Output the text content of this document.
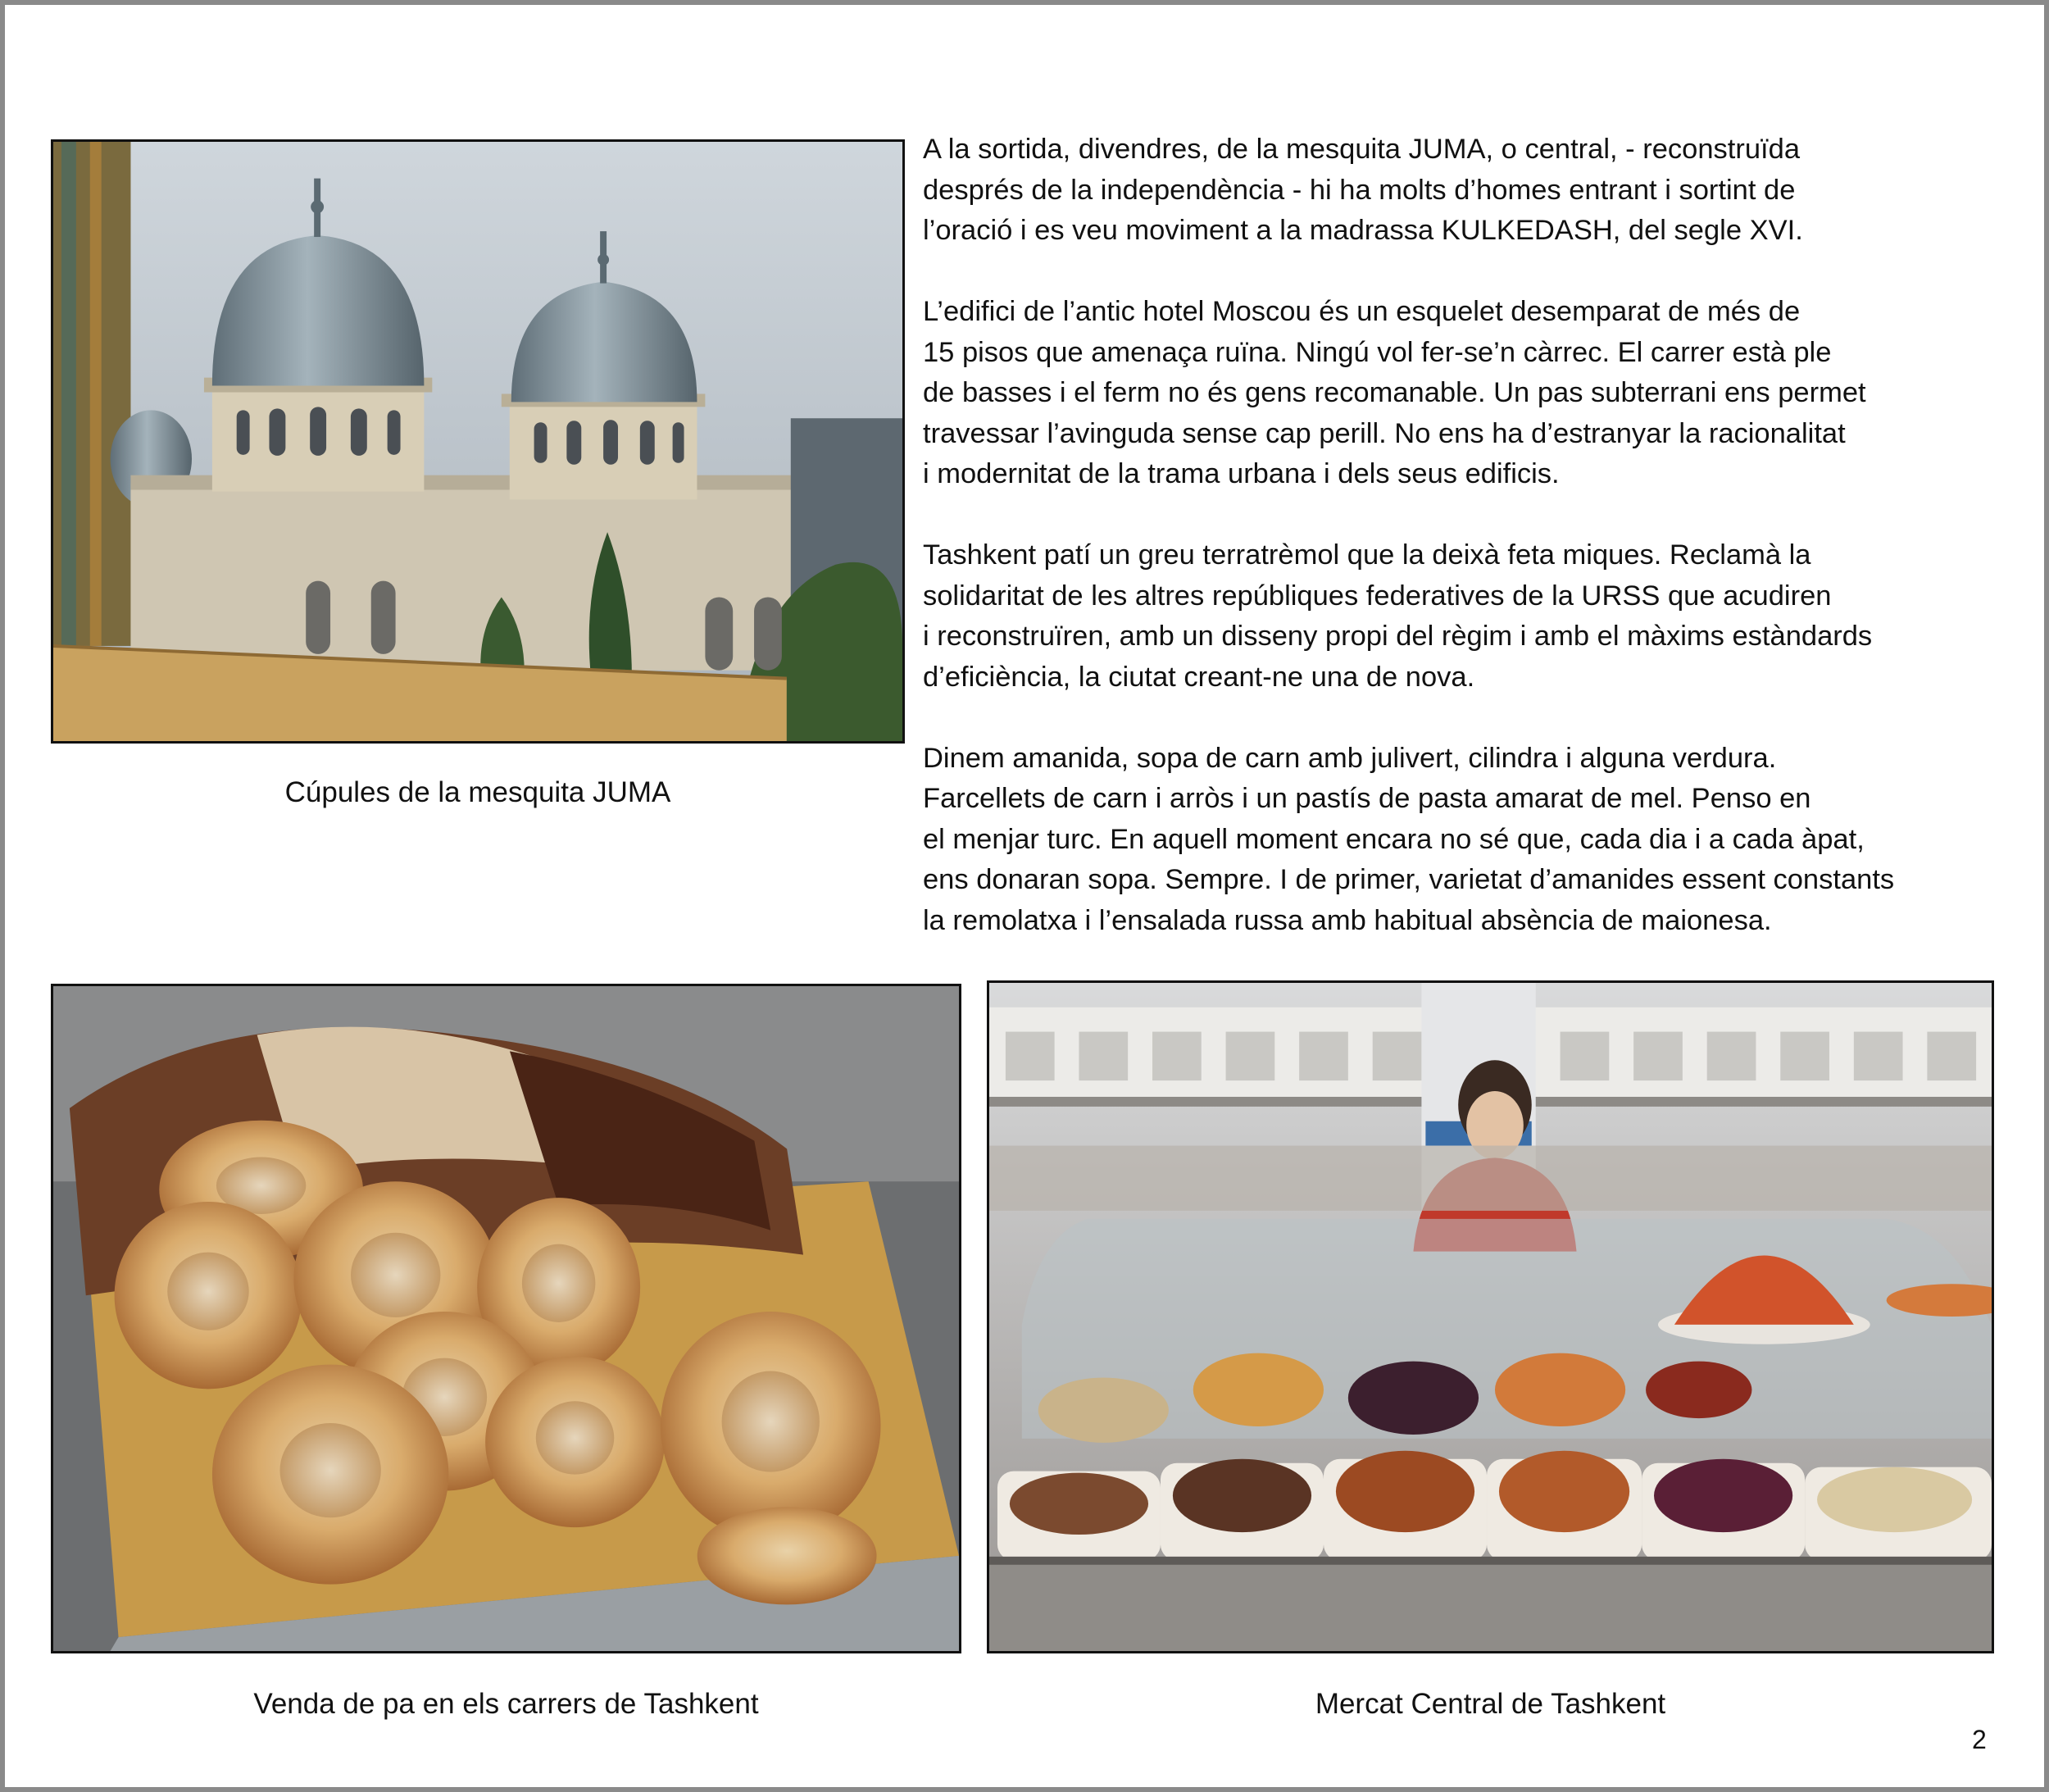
Cúpules de la mesquita JUMA

A la sortida, divendres, de la mesquita JUMA, o central, - reconstruïda
després de la independència - hi ha molts d’homes entrant i sortint de
l’oració i es veu moviment a la madrassa KULKEDASH, del segle XVI.

L’edifici de l’antic hotel Moscou és un esquelet desemparat de més de
15 pisos que amenaça ruïna. Ningú vol fer-se’n càrrec. El carrer està ple
de basses i el ferm no és gens recomanable. Un pas subterrani ens permet
travessar l’avinguda sense cap perill. No ens ha d’estranyar la racionalitat
i modernitat de la trama urbana i dels seus edificis.

Tashkent patí un greu terratrèmol que la deixà feta miques. Reclamà la
solidaritat de les altres repúbliques federatives de la URSS que acudiren
i reconstruïren, amb un disseny propi del règim i amb el màxims estàndards
d’eficiència, la ciutat creant-ne una de nova.

Dinem amanida, sopa de carn amb julivert, cilindra i alguna verdura.
Farcellets de carn i arròs i un pastís de pasta amarat de mel. Penso en
el menjar turc. En aquell moment encara no sé que, cada dia i a cada àpat,
ens donaran sopa. Sempre. I de primer, varietat d’amanides essent constants
la remolatxa i l’ensalada russa amb habitual absència de maionesa.

Venda de pa en els carrers de Tashkent	Mercat Central de Tashkent
2
